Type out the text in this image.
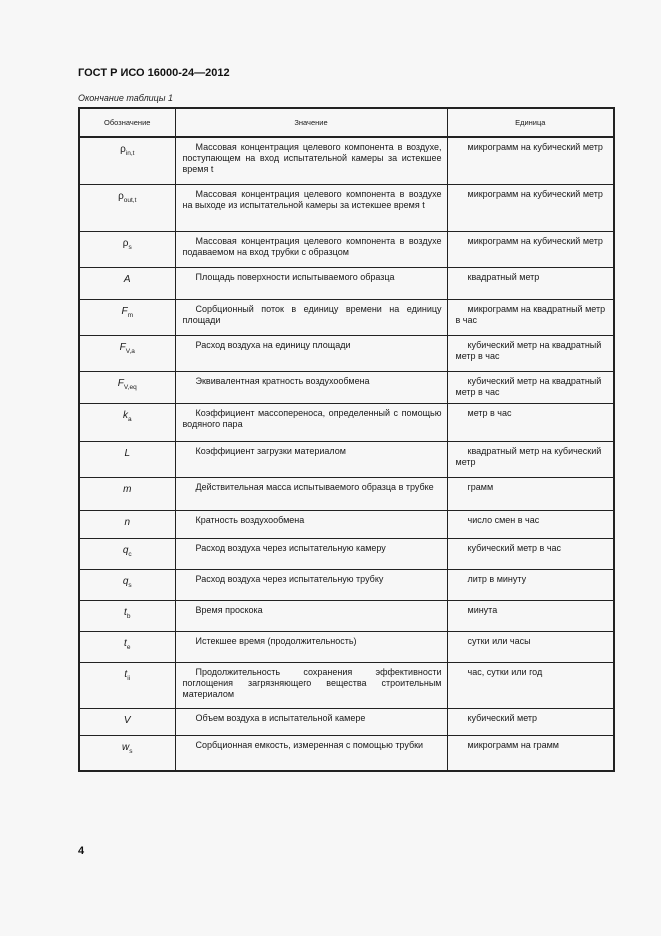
ГОСТ Р ИСО 16000-24—2012
Окончание таблицы 1
Обозначение	Значение	Единица
$\rho_{in,t}$	Массовая концентрация целевого компонента в воздухе, поступающем на вход испытательной камеры за истекшее время t	микрограмм на кубический метр
$\rho_{out,t}$	Массовая концентрация целевого компонента в воздухе на выходе из испытательной камеры за истекшее время t	микрограмм на кубический метр
$\rho_s$	Массовая концентрация целевого компонента в воздухе подаваемом на вход трубки с образцом	микрограмм на кубический метр
A	Площадь поверхности испытываемого образца	квадратный метр
$F_m$	Сорбционный поток в единицу времени на единицу площади	микрограмм на квадратный метр в час
$F_{V,a}$	Расход воздуха на единицу площади	кубический метр на квадратный метр в час
$F_{V,eq}$	Эквивалентная кратность воздухообмена	кубический метр на квадратный метр в час
$k_a$	Коэффициент массопереноса, определенный с помощью водяного пара	метр в час
L	Коэффициент загрузки материалом	квадратный метр на кубический метр
m	Действительная масса испытываемого образца в трубке	грамм
n	Кратность воздухообмена	число смен в час
$q_c$	Расход воздуха через испытательную камеру	кубический метр в час
$q_s$	Расход воздуха через испытательную трубку	литр в минуту
$t_b$	Время проскока	минута
$t_e$	Истекшее время (продолжительность)	сутки или часы
$t_{ii}$	Продолжительность сохранения эффективности поглощения загрязняющего вещества строительным материалом	час, сутки или год
V	Объем воздуха в испытательной камере	кубический метр
$w_s$	Сорбционная емкость, измеренная с помощью трубки	микрограмм на грамм
4
